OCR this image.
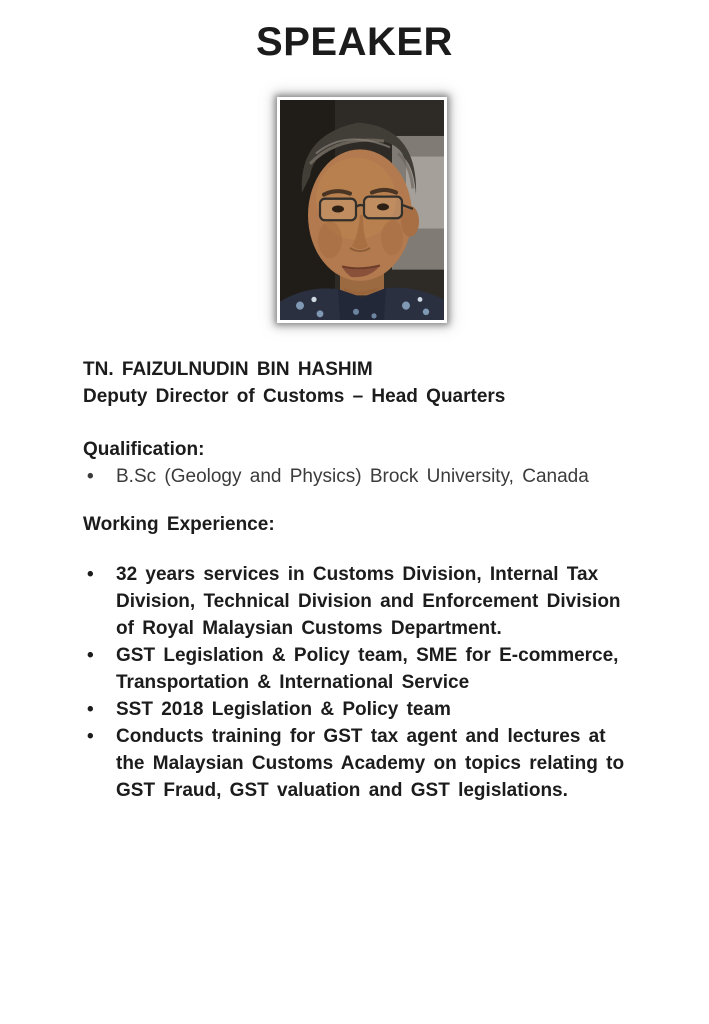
SPEAKER
TN. FAIZULNUDIN BIN HASHIM
Deputy Director of Customs – Head Quarters
Qualification:
• B.Sc (Geology and Physics) Brock University, Canada
Working Experience:
• 32 years services in Customs Division, Internal Tax Division, Technical Division and Enforcement Division of Royal Malaysian Customs Department.
• GST Legislation & Policy team, SME for E-commerce, Transportation & International Service
• SST 2018 Legislation & Policy team
• Conducts training for GST tax agent and lectures at the Malaysian Customs Academy on topics relating to GST Fraud, GST valuation and GST legislations.
